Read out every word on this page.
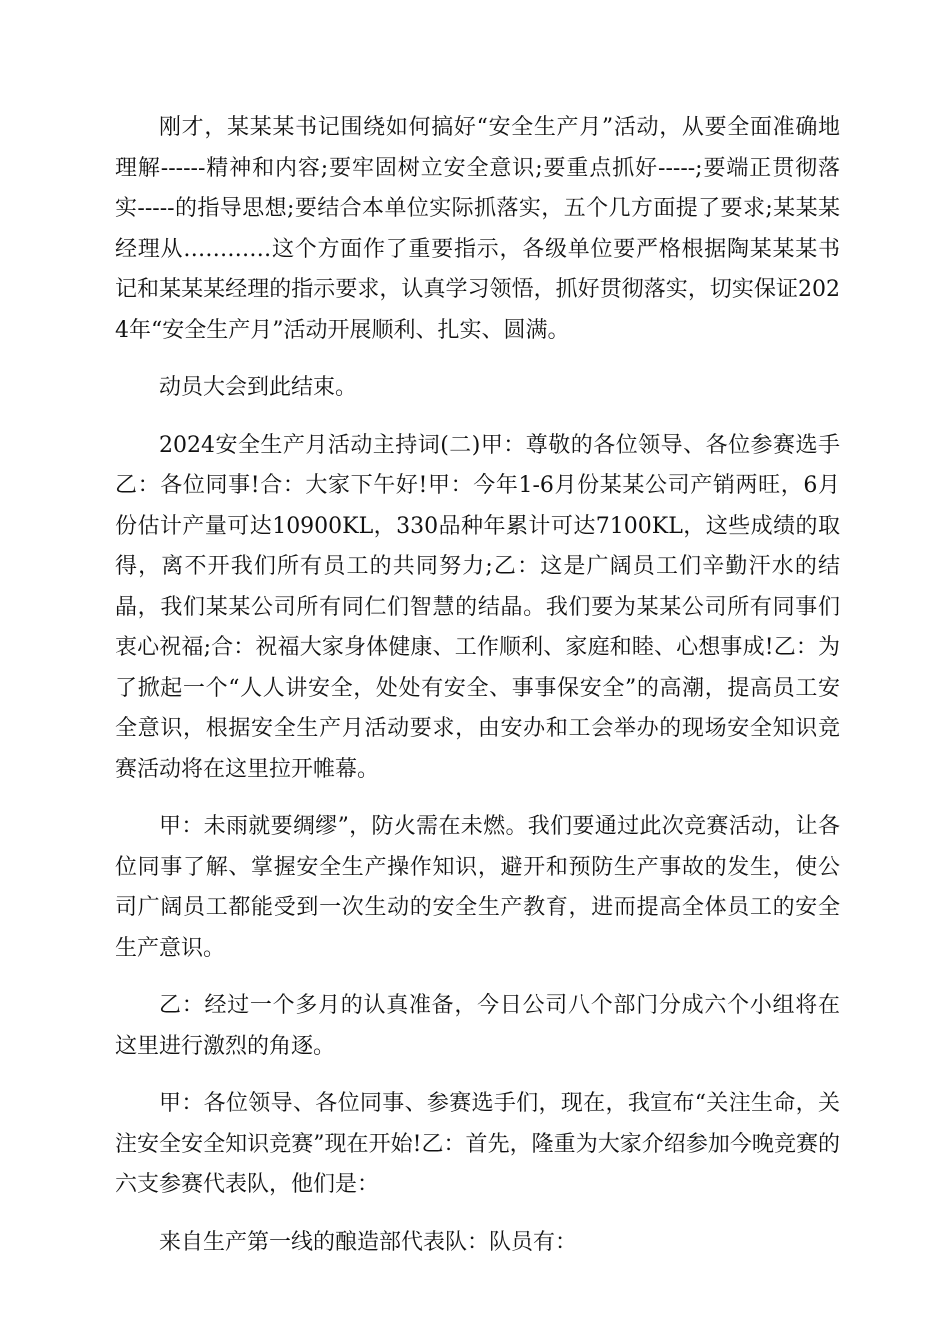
刚才，某某某书记围绕如何搞好“安全生产月”活动，从要全面准确地理解------精神和内容;要牢固树立安全意识;要重点抓好-----;要端正贯彻落实-----的指导思想;要结合本单位实际抓落实，五个几方面提了要求;某某某经理从…………这个方面作了重要指示，各级单位要严格根据陶某某某书记和某某某经理的指示要求，认真学习领悟，抓好贯彻落实，切实保证2024年“安全生产月”活动开展顺利、扎实、圆满。

动员大会到此结束。

2024安全生产月活动主持词(二)甲：尊敬的各位领导、各位参赛选手乙：各位同事!合：大家下午好!甲：今年1-6月份某某公司产销两旺，6月份估计产量可达10900KL，330品种年累计可达7100KL，这些成绩的取得，离不开我们所有员工的共同努力;乙：这是广阔员工们辛勤汗水的结晶，我们某某公司所有同仁们智慧的结晶。我们要为某某公司所有同事们衷心祝福;合：祝福大家身体健康、工作顺利、家庭和睦、心想事成!乙：为了掀起一个“人人讲安全，处处有安全、事事保安全”的高潮，提高员工安全意识，根据安全生产月活动要求，由安办和工会举办的现场安全知识竞赛活动将在这里拉开帷幕。

甲：未雨就要绸缪”，防火需在未燃。我们要通过此次竞赛活动，让各位同事了解、掌握安全生产操作知识，避开和预防生产事故的发生，使公司广阔员工都能受到一次生动的安全生产教育，进而提高全体员工的安全生产意识。

乙：经过一个多月的认真准备，今日公司八个部门分成六个小组将在这里进行激烈的角逐。

甲：各位领导、各位同事、参赛选手们，现在，我宣布“关注生命，关注安全安全知识竞赛”现在开始!乙：首先，隆重为大家介绍参加今晚竞赛的六支参赛代表队，他们是：

来自生产第一线的酿造部代表队：队员有：
